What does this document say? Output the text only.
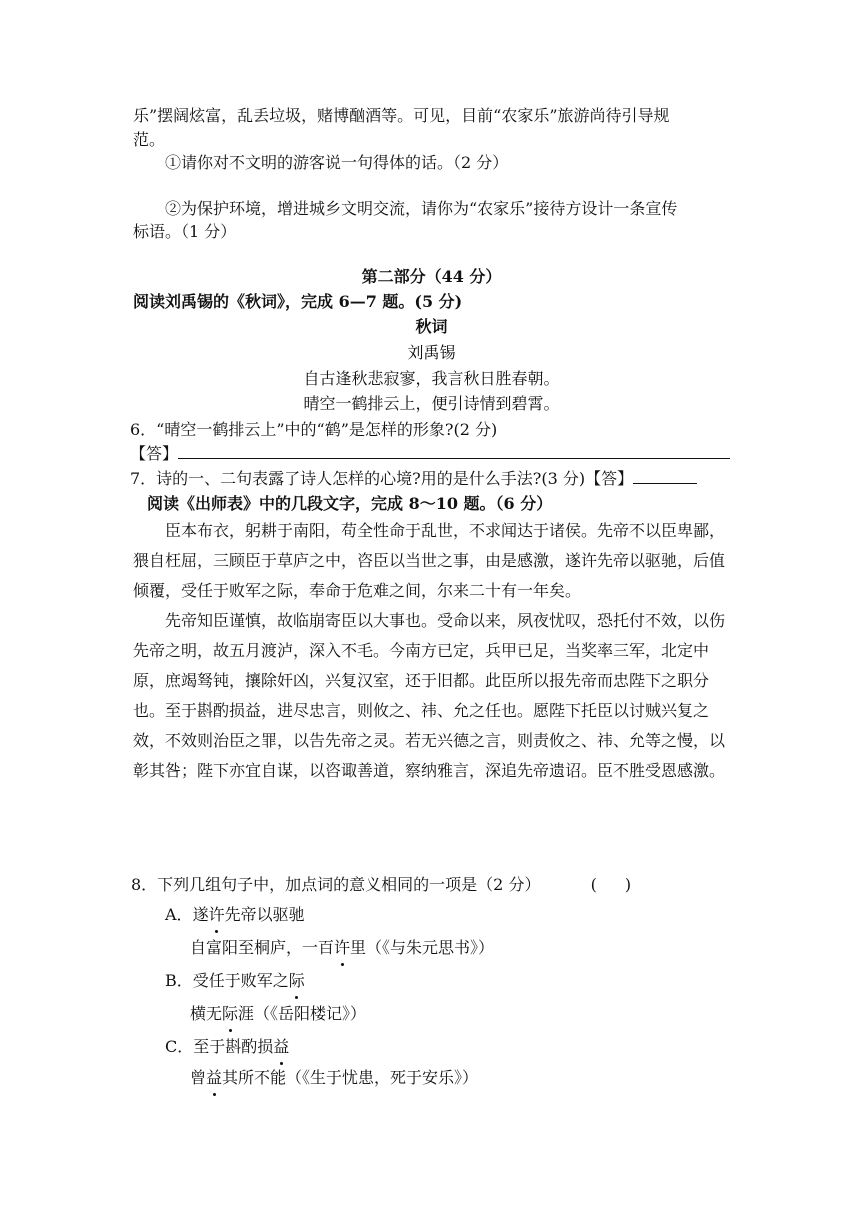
乐”摆阔炫富，乱丢垃圾，赌博酗酒等。可见，目前“农家乐”旅游尚待引导规
范。
①请你对不文明的游客说一句得体的话。（2 分）
②为保护环境，增进城乡文明交流，请你为“农家乐”接待方设计一条宣传
标语。（1 分）
第二部分（44 分）
阅读刘禹锡的《秋词》，完成 6—7 题。(5 分)
秋词
刘禹锡
自古逢秋悲寂寥，我言秋日胜春朝。
晴空一鹤排云上，便引诗情到碧霄。
6．“晴空一鹤排云上”中的“鹤”是怎样的形象?(2 分)
【答】
7．诗的一、二句表露了诗人怎样的心境?用的是什么手法?(3 分)【答】
阅读《出师表》中的几段文字，完成 8～10 题。（6 分）
臣本布衣，躬耕于南阳，苟全性命于乱世，不求闻达于诸侯。先帝不以臣卑鄙，猥自枉屈，三顾臣于草庐之中，咨臣以当世之事，由是感激，遂许先帝以驱驰，后值倾覆，受任于败军之际，奉命于危难之间，尔来二十有一年矣。
先帝知臣谨慎，故临崩寄臣以大事也。受命以来，夙夜忧叹，恐托付不效，以伤先帝之明，故五月渡泸，深入不毛。今南方已定，兵甲已足，当奖率三军，北定中原，庶竭驽钝，攘除奸凶，兴复汉室，还于旧都。此臣所以报先帝而忠陛下之职分也。至于斟酌损益，进尽忠言，则攸之、祎、允之任也。愿陛下托臣以讨贼兴复之效，不效则治臣之罪，以告先帝之灵。若无兴德之言，则责攸之、祎、允等之慢，以彰其咎；陛下亦宜自谋，以咨诹善道，察纳雅言，深追先帝遗诏。臣不胜受恩感激。
8．下列几组句子中，加点词的意义相同的一项是（2 分）	( )
A．遂许先帝以驱驰
自富阳至桐庐，一百许里（《与朱元思书》）
B．受任于败军之际
横无际涯（《岳阳楼记》）
C．至于斟酌损益
曾益其所不能（《生于忧患，死于安乐》）
